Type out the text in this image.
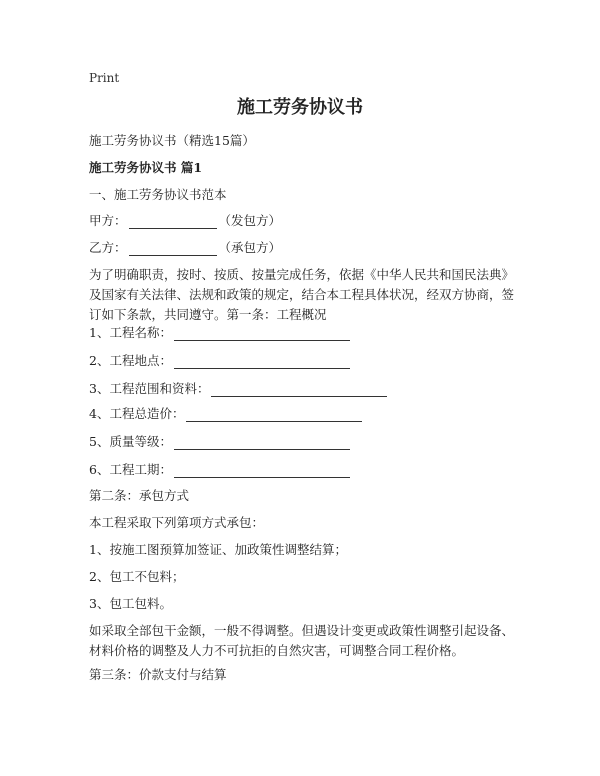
Print
施工劳务协议书
施工劳务协议书（精选15篇）
施工劳务协议书 篇1
一、施工劳务协议书范本
甲方：	（发包方）
乙方：	（承包方）
为了明确职责，按时、按质、按量完成任务，依据《中华人民共和国民法典》及国家有关法律、法规和政策的规定，结合本工程具体状况，经双方协商，签订如下条款，共同遵守。第一条：工程概况
1、工程名称：
2、工程地点：
3、工程范围和资料：
4、工程总造价：
5、质量等级：
6、工程工期：
第二条：承包方式
本工程采取下列第项方式承包：
1、按施工图预算加签证、加政策性调整结算；
2、包工不包料；
3、包工包料。
如采取全部包干金额，一般不得调整。但遇设计变更或政策性调整引起设备、材料价格的调整及人力不可抗拒的自然灾害，可调整合同工程价格。
第三条：价款支付与结算
